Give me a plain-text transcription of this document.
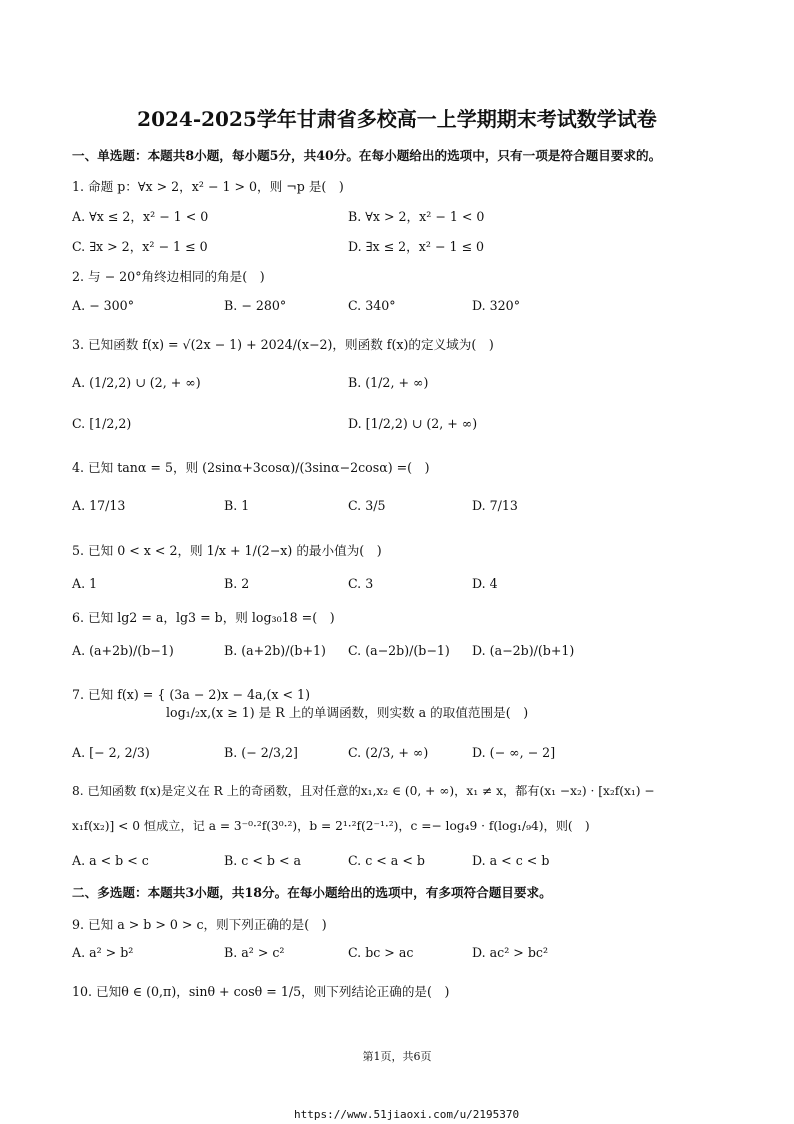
2024-2025学年甘肃省多校高一上学期期末考试数学试卷
一、单选题：本题共8小题，每小题5分，共40分。在每小题给出的选项中，只有一项是符合题目要求的。
1. 命题 p：∀x > 2，x² − 1 > 0，则 ¬p 是(　)
A. ∀x ≤ 2，x² − 1 < 0	B. ∀x > 2，x² − 1 < 0
C. ∃x > 2，x² − 1 ≤ 0	D. ∃x ≤ 2，x² − 1 ≤ 0
2. 与 − 20°角终边相同的角是(　)
A. − 300°	B. − 280°	C. 340°	D. 320°
3. 已知函数 f(x) = √(2x − 1) + 2024/(x−2)，则函数 f(x)的定义域为(　)
A. (1/2,2) ∪ (2, + ∞)	B. (1/2, + ∞)
C. [1/2,2)	D. [1/2,2) ∪ (2, + ∞)
4. 已知 tanα = 5，则 (2sinα+3cosα)/(3sinα−2cosα) =(　)
A. 17/13	B. 1	C. 3/5	D. 7/13
5. 已知 0 < x < 2，则 1/x + 1/(2−x) 的最小值为(　)
A. 1	B. 2	C. 3	D. 4
6. 已知 lg2 = a，lg3 = b，则 log₃₀18 =(　)
A. (a+2b)/(b−1)	B. (a+2b)/(b+1) C. (a−2b)/(b−1) D. (a−2b)/(b+1)
7. 已知 f(x) = { (3a − 2)x − 4a,(x < 1)
log₁/₂x,(x ≥ 1) 是 R 上的单调函数，则实数 a 的取值范围是(　)
A. [− 2, 2/3)	B. (− 2/3,2]	C. (2/3, + ∞)	D. (− ∞, − 2]
8. 已知函数 f(x)是定义在 R 上的奇函数，且对任意的x₁,x₂ ∈ (0, + ∞)，x₁ ≠ x，都有(x₁ −x₂) · [x₂f(x₁) −
x₁f(x₂)] < 0 恒成立，记 a = 3⁻⁰·²f(3⁰·²)，b = 2¹·²f(2⁻¹·²)，c =− log₄9 · f(log₁/₉4)，则(　)
A. a < b < c	B. c < b < a	C. c < a < b	D. a < c < b
二、多选题：本题共3小题，共18分。在每小题给出的选项中，有多项符合题目要求。
9. 已知 a > b > 0 > c，则下列正确的是(　)
A. a² > b²	B. a² > c²	C. bc > ac	D. ac² > bc²
10. 已知θ ∈ (0,π)，sinθ + cosθ = 1/5，则下列结论正确的是(　)
第1页，共6页
https://www.51jiaoxi.com/u/2195370
